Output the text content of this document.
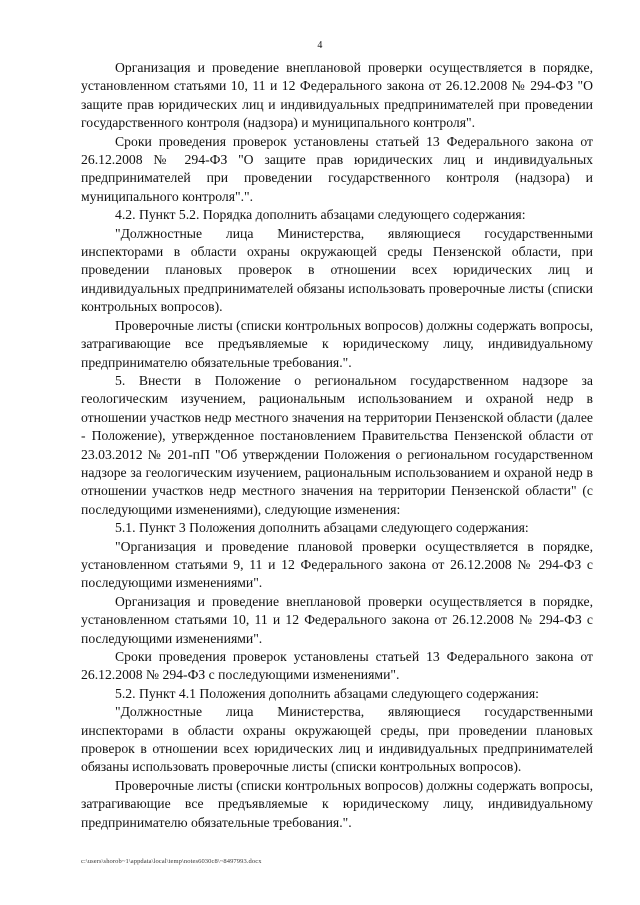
4

Организация и проведение внеплановой проверки осуществляется в порядке, установленном статьями 10, 11 и 12 Федерального закона от 26.12.2008 № 294-ФЗ "О защите прав юридических лиц и индивидуальных предпринимателей при проведении государственного контроля (надзора) и муниципального контроля".

Сроки проведения проверок установлены статьей 13 Федерального закона от 26.12.2008 № 294-ФЗ "О защите прав юридических лиц и индивидуальных предпринимателей при проведении государственного контроля (надзора) и муниципального контроля".".

4.2. Пункт 5.2. Порядка дополнить абзацами следующего содержания:

"Должностные лица Министерства, являющиеся государственными инспекторами в области охраны окружающей среды Пензенской области, при проведении плановых проверок в отношении всех юридических лиц и индивидуальных предпринимателей обязаны использовать проверочные листы (списки контрольных вопросов).

Проверочные листы (списки контрольных вопросов) должны содержать вопросы, затрагивающие все предъявляемые к юридическому лицу, индивидуальному предпринимателю обязательные требования.".

5. Внести в Положение о региональном государственном надзоре за геологическим изучением, рациональным использованием и охраной недр в отношении участков недр местного значения на территории Пензенской области (далее - Положение), утвержденное постановлением Правительства Пензенской области от 23.03.2012 № 201-пП "Об утверждении Положения о региональном государственном надзоре за геологическим изучением, рациональным использованием и охраной недр в отношении участков недр местного значения на территории Пензенской области" (с последующими изменениями), следующие изменения:

5.1. Пункт 3 Положения дополнить абзацами следующего содержания:

"Организация и проведение плановой проверки осуществляется в порядке, установленном статьями 9, 11 и 12 Федерального закона от 26.12.2008 № 294-ФЗ с последующими изменениями".

Организация и проведение внеплановой проверки осуществляется в порядке, установленном статьями 10, 11 и 12 Федерального закона от 26.12.2008 № 294-ФЗ с последующими изменениями".

Сроки проведения проверок установлены статьей 13 Федерального закона от 26.12.2008 № 294-ФЗ с последующими изменениями".

5.2. Пункт 4.1 Положения дополнить абзацами следующего содержания:

"Должностные лица Министерства, являющиеся государственными инспекторами в области охраны окружающей среды, при проведении плановых проверок в отношении всех юридических лиц и индивидуальных предпринимателей обязаны использовать проверочные листы (списки контрольных вопросов).

Проверочные листы (списки контрольных вопросов) должны содержать вопросы, затрагивающие все предъявляемые к юридическому лицу, индивидуальному предпринимателю обязательные требования.".

c:\users\shorob~1\appdata\local\temp\notes6030c8\~8497993.docx
